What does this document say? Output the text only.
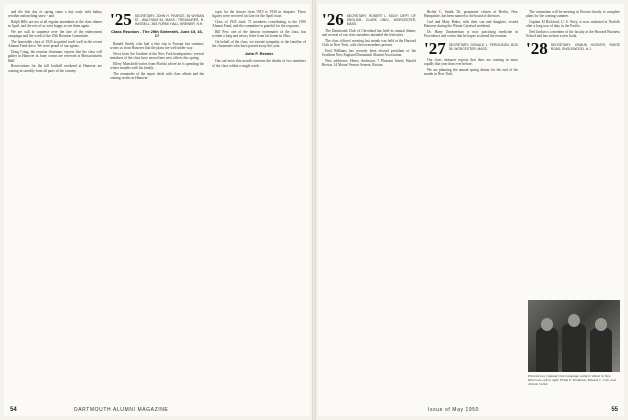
and the first day of spring came a day early with balmy weather and melting snow - and

Ralph Hills are not at all regular attendants at the class dinner in April, and the rest of us were happy to see them again.

We are still in suspense over the fate of the endowment campaign and the work of the 25th Reunion Committee.

The honorable class of 1925 acquitted itself well in the recent Alumni Fund drive. We were proud of our agents.

Doug Craig, the reunion chairman, reports that the class will gather in Hanover in June; rooms are reserved at Massachusetts Hall.

Reservations for the fall football weekend at Hanover are coming in steadily from all parts of the country.

'25 SECRETARY, JOHN H. PEARCE, 36 WYMAN ST., WALTHAM 54, MASS.; TREASURER, R. HASSELL, 365 YORKE HALL, BREWER, N.H.
Class Reunion - The 25th Sixteenth, June 15, 16, 17

Ranald Smith, who had a fine trip to Europe last summer, writes us from Hanover that the plans are well under way.

News from Joe Gardner of the New York headquarters: several members of the class have moved into new offices this spring.

Ellery Mansfield writes from Florida where he is spending the winter months with his family.

The remainder of the report deals with class affairs and the coming weeks in Hanover.

topic for the classes from 1919 to 1930 in chapters. These figures were received too late for the April issue.

Class of 1925 total: 71 members contributing to the 1950 Alumni Fund, and the committee is grateful for the response.

Bill Pew, one of the famous roommates of the class, has written a long and newsy letter from his home in Ohio.

On behalf of the class, we extend sympathy to the families of the classmates who have passed away this year.

John F. Reeder

Our sad news this month concerns the deaths of two members of the class within a single week.

54	DARTMOUTH ALUMNI MAGAZINE
'26 SECRETARY, ROBERT L. EDDY, DEPT. OF ENGLISH, CLARK UNIV., WORCESTER, MASS.

The Dartmouth Club of Cleveland has held its annual dinner, and several of our class members attended the festivities.

The class officers' meeting last month was held at the Harvard Club in New York, with eleven members present.

Fred Williams has recently been elected president of the Southern New England Dartmouth Alumni Association.

New addresses: Henry Anderson, 7 Pleasant Street; Harold Brown, 14 Mount Vernon Avenue, Boston.

Richie C. Smith '26, prominent citizen of Berlin, New Hampshire, has been named to the board of directors.

Carl and Mary Baker, with their son and daughter, visited Hanover during the Winter Carnival weekend.

Dr. Harry Zimmerman is now practising medicine in Providence and writes that he hopes to attend the reunion.

'27 SECRETARY, DONALD L. FERGUSON, BOX 35, WORCESTER, MASS.

Our class treasurer reports that dues are coming in more rapidly this year than ever before.

We are planning the annual spring dinner for the end of the month in New York.

The committee will be meeting in Boston shortly to complete plans for the coming summer.

Captain Al Bickford, U. S. Navy, is now stationed at Norfolk after a long tour of duty in the Pacific.

Ned Jordan is a member of the faculty at the Harvard Business School and has written a new book.

'28 SECRETARY, OSMUN HOOVER, RIDGE ROAD, ENGLEWOOD, N.J.
Pictured at a Copland Club Campaign workers' dinner in New Haven are, left to right: Philip E. Pendleton, Edward C. Cole, and John R. Carter.
Issue of May 1950	55
